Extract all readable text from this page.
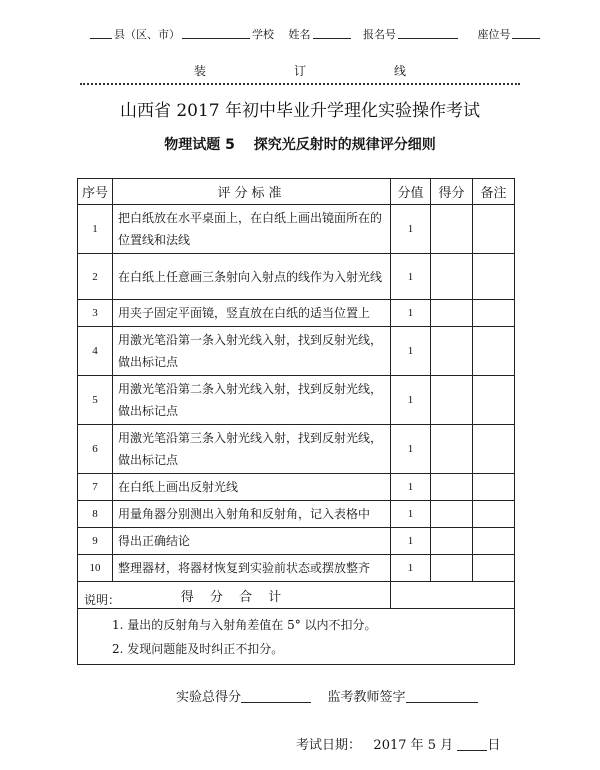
县（区、市）	学校 姓名	报名号	座位号
装	订	线
山西省 2017 年初中毕业升学理化实验操作考试
物理试题 5　 探究光反射时的规律评分细则
序号	评分标准	分值	得分	备注
1	把白纸放在水平桌面上，在白纸上画出镜面所在的位置线和法线	1		
2	在白纸上任意画三条射向入射点的线作为入射光线	1		
3	用夹子固定平面镜，竖直放在白纸的适当位置上	1		
4	用激光笔沿第一条入射光线入射，找到反射光线，做出标记点	1		
5	用激光笔沿第二条入射光线入射，找到反射光线，做出标记点	1		
6	用激光笔沿第三条入射光线入射，找到反射光线，做出标记点	1		
7	在白纸上画出反射光线	1		
8	用量角器分别测出入射角和反射角，记入表格中	1		
9	得出正确结论	1		
10	整理器材，将器材恢复到实验前状态或摆放整齐	1		
得 分 合 计				
说明：
1. 量出的反射角与入射角差值在 5° 以内不扣分。
2. 发现问题能及时纠正不扣分。
实验总得分	监考教师签字
考试日期： 2017 年 5 月	日
